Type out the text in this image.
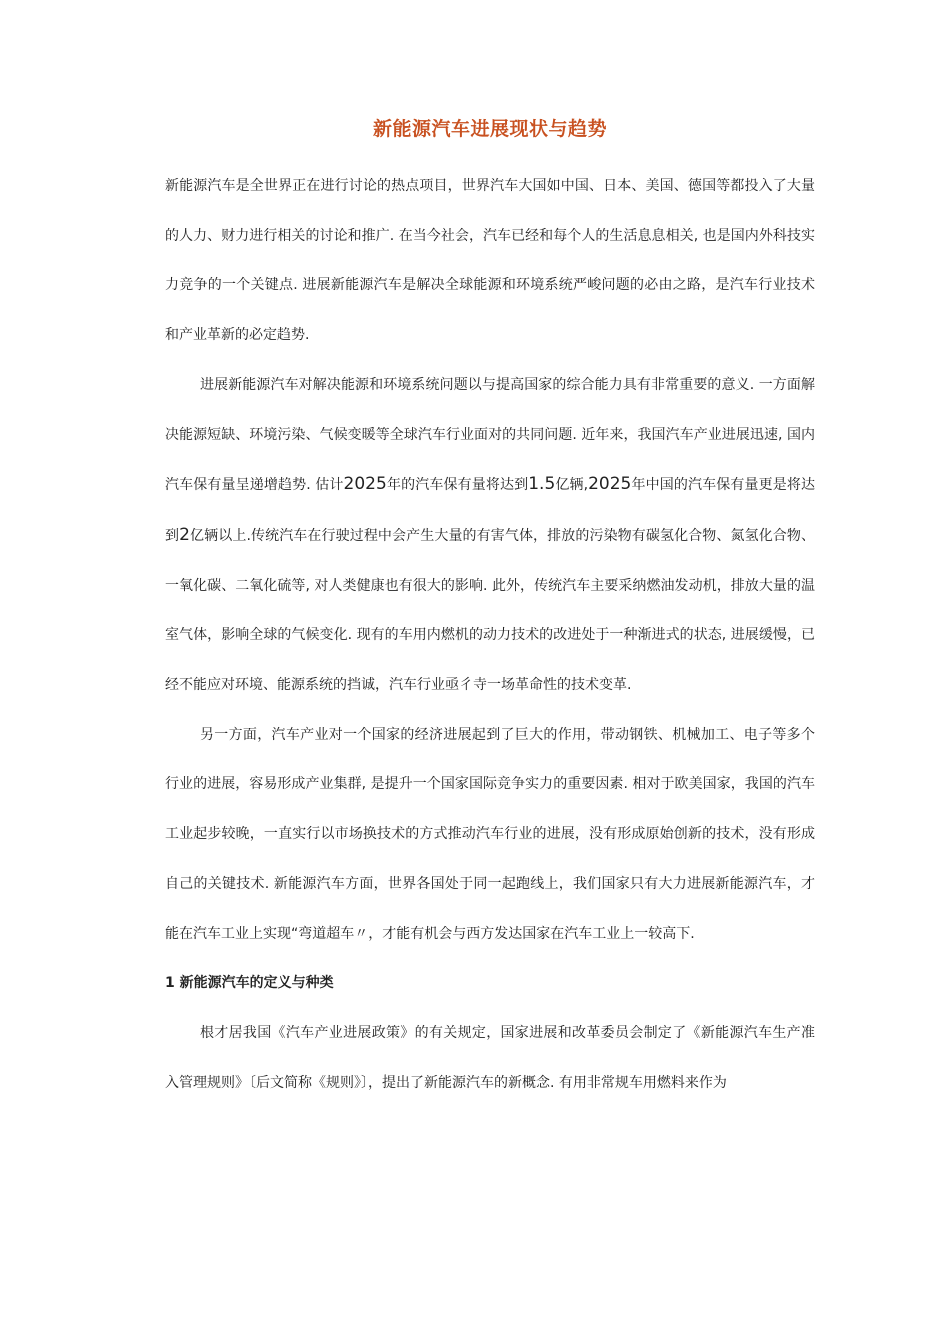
新能源汽车进展现状与趋势

新能源汽车是全世界正在进行讨论的热点项目，世界汽车大国如中国、日本、美国、德国等都投入了大量的人力、财力进行相关的讨论和推广. 在当今社会，汽车已经和每个人的生活息息相关, 也是国内外科技实力竞争的一个关键点. 进展新能源汽车是解决全球能源和环境系统严峻问题的必由之路，是汽车行业技术和产业革新的必定趋势.

进展新能源汽车对解决能源和环境系统问题以与提高国家的综合能力具有非常重要的意义. 一方面解决能源短缺、环境污染、气候变暖等全球汽车行业面对的共同问题. 近年来，我国汽车产业进展迅速, 国内汽车保有量呈递增趋势. 估计2025年的汽车保有量将达到1.5亿辆,2025年中国的汽车保有量更是将达到2亿辆以上.传统汽车在行驶过程中会产生大量的有害气体，排放的污染物有碳氢化合物、氮氢化合物、一氧化碳、二氧化硫等, 对人类健康也有很大的影响. 此外，传统汽车主要采纳燃油发动机，排放大量的温室气体，影响全球的气候变化. 现有的车用内燃机的动力技术的改进处于一种渐进式的状态, 进展缓慢，已经不能应对环境、能源系统的挡诚，汽车行业亟彳寺一场革命性的技术变革.

另一方面，汽车产业对一个国家的经济进展起到了巨大的作用，带动钢铁、机械加工、电子等多个行业的进展，容易形成产业集群, 是提升一个国家国际竞争实力的重要因素. 相对于欧美国家，我国的汽车工业起步较晚，一直实行以市场换技术的方式推动汽车行业的进展，没有形成原始创新的技术，没有形成自己的关键技术. 新能源汽车方面，世界各国处于同一起跑线上，我们国家只有大力进展新能源汽车，才能在汽车工业上实现“弯道超车〃，才能有机会与西方发达国家在汽车工业上一较高下.

1 新能源汽车的定义与种类

根才居我国《汽车产业进展政策》的有关规定，国家进展和改革委员会制定了《新能源汽车生产准入管理规则》〔后文简称《规则》〕，提出了新能源汽车的新概念. 有用非常规车用燃料来作为
